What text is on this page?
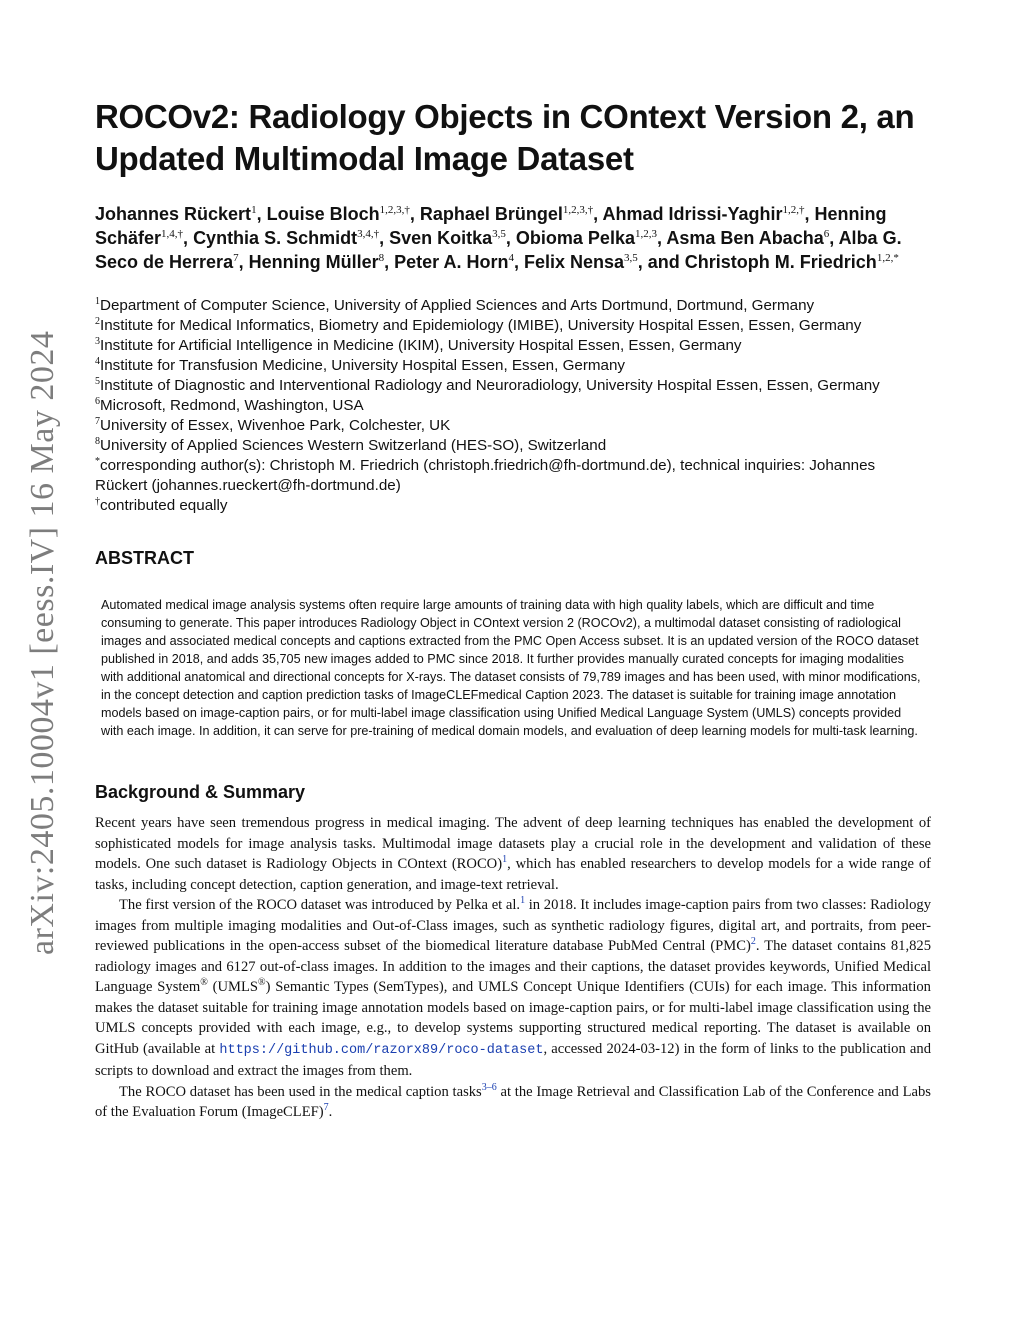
arXiv:2405.10004v1 [eess.IV] 16 May 2024
ROCOv2: Radiology Objects in COntext Version 2, an Updated Multimodal Image Dataset
Johannes Rückert$^1$, Louise Bloch$^{1,2,3,\dagger}$, Raphael Brüngel$^{1,2,3,\dagger}$, Ahmad Idrissi-Yaghir$^{1,2,\dagger}$, Henning Schäfer$^{1,4,\dagger}$, Cynthia S. Schmidt$^{3,4,\dagger}$, Sven Koitka$^{3,5}$, Obioma Pelka$^{1,2,3}$, Asma Ben Abacha$^6$, Alba G. Seco de Herrera$^7$, Henning Müller$^8$, Peter A. Horn$^4$, Felix Nensa$^{3,5}$, and Christoph M. Friedrich$^{1,2,*}$
$^1$Department of Computer Science, University of Applied Sciences and Arts Dortmund, Dortmund, Germany
$^2$Institute for Medical Informatics, Biometry and Epidemiology (IMIBE), University Hospital Essen, Essen, Germany
$^3$Institute for Artificial Intelligence in Medicine (IKIM), University Hospital Essen, Essen, Germany
$^4$Institute for Transfusion Medicine, University Hospital Essen, Essen, Germany
$^5$Institute of Diagnostic and Interventional Radiology and Neuroradiology, University Hospital Essen, Essen, Germany
$^6$Microsoft, Redmond, Washington, USA
$^7$University of Essex, Wivenhoe Park, Colchester, UK
$^8$University of Applied Sciences Western Switzerland (HES-SO), Switzerland
*corresponding author(s): Christoph M. Friedrich (christoph.friedrich@fh-dortmund.de), technical inquiries: Johannes Rückert (johannes.rueckert@fh-dortmund.de)
†contributed equally
ABSTRACT
Automated medical image analysis systems often require large amounts of training data with high quality labels, which are difficult and time consuming to generate. This paper introduces Radiology Object in COntext version 2 (ROCOv2), a multimodal dataset consisting of radiological images and associated medical concepts and captions extracted from the PMC Open Access subset. It is an updated version of the ROCO dataset published in 2018, and adds 35,705 new images added to PMC since 2018. It further provides manually curated concepts for imaging modalities with additional anatomical and directional concepts for X-rays. The dataset consists of 79,789 images and has been used, with minor modifications, in the concept detection and caption prediction tasks of ImageCLEFmedical Caption 2023. The dataset is suitable for training image annotation models based on image-caption pairs, or for multi-label image classification using Unified Medical Language System (UMLS) concepts provided with each image. In addition, it can serve for pre-training of medical domain models, and evaluation of deep learning models for multi-task learning.
Background & Summary

Recent years have seen tremendous progress in medical imaging. The advent of deep learning techniques has enabled the development of sophisticated models for image analysis tasks. Multimodal image datasets play a crucial role in the development and validation of these models. One such dataset is Radiology Objects in COntext (ROCO)$^1$, which has enabled researchers to develop models for a wide range of tasks, including concept detection, caption generation, and image-text retrieval.

The first version of the ROCO dataset was introduced by Pelka et al.$^1$ in 2018. It includes image-caption pairs from two classes: Radiology images from multiple imaging modalities and Out-of-Class images, such as synthetic radiology figures, digital art, and portraits, from peer-reviewed publications in the open-access subset of the biomedical literature database PubMed Central (PMC)$^2$. The dataset contains 81,825 radiology images and 6127 out-of-class images. In addition to the images and their captions, the dataset provides keywords, Unified Medical Language System® (UMLS®) Semantic Types (SemTypes), and UMLS Concept Unique Identifiers (CUIs) for each image. This information makes the dataset suitable for training image annotation models based on image-caption pairs, or for multi-label image classification using the UMLS concepts provided with each image, e.g., to develop systems supporting structured medical reporting. The dataset is available on GitHub (available at https://github.com/razorx89/roco-dataset, accessed 2024-03-12) in the form of links to the publication and scripts to download and extract the images from them.

The ROCO dataset has been used in the medical caption tasks$^{3-6}$ at the Image Retrieval and Classification Lab of the Conference and Labs of the Evaluation Forum (ImageCLEF)$^7$.
